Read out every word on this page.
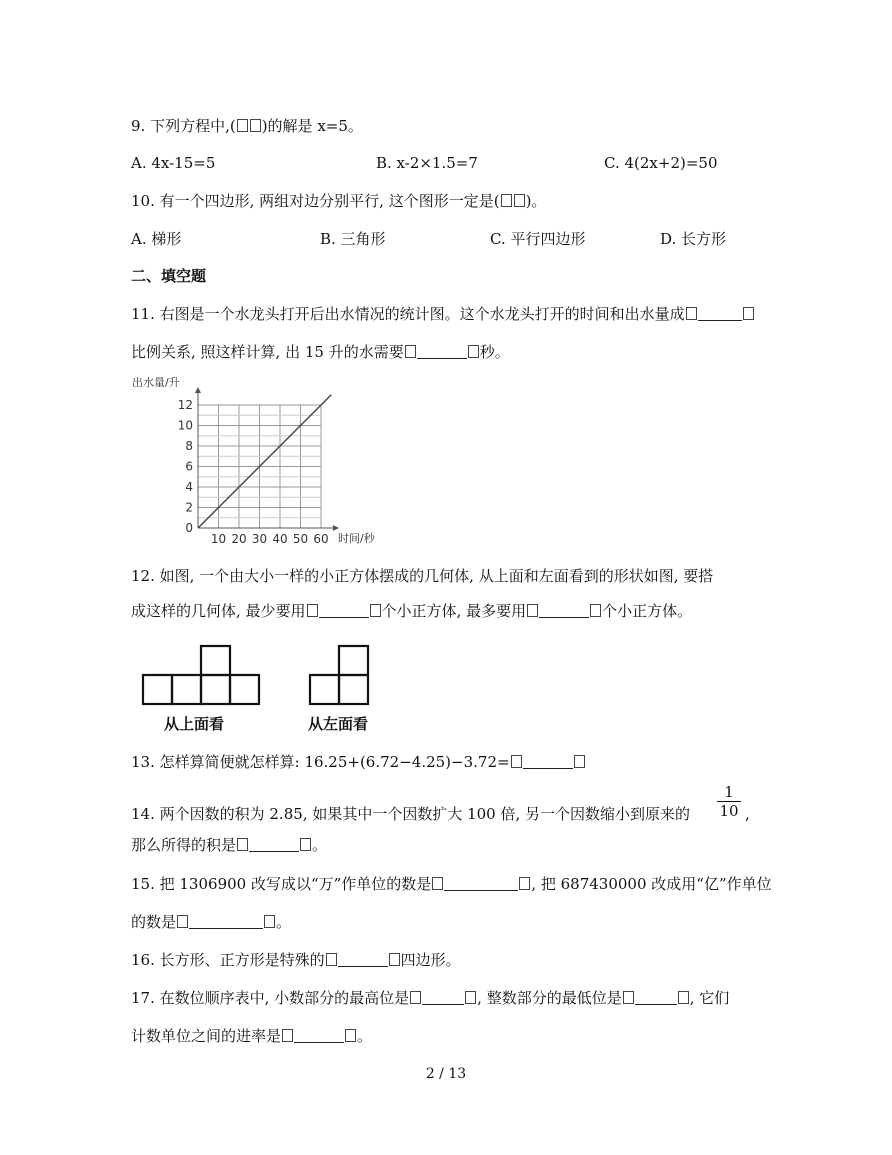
9. 下列方程中,( )的解是 x=5。
A. 4x-15=5	B. x-2×1.5=7	C. 4(2x+2)=50
10. 有一个四边形, 两组对边分别平行, 这个图形一定是( )。
A. 梯形	B. 三角形	C. 平行四边形	D. 长方形
二、填空题
11. 右图是一个水龙头打开后出水情况的统计图。这个水龙头打开的时间和出水量成
比例关系, 照这样计算, 出 15 升的水需要	秒。
出水量/升
0
2
4
6
8
10
12
10 20 30 40 50 60 时间/秒
12. 如图, 一个由大小一样的小正方体摆成的几何体, 从上面和左面看到的形状如图, 要搭
成这样的几何体, 最少要用	个小正方体, 最多要用	个小正方体。
从上面看	从左面看
13. 怎样算简便就怎样算: 16.25+(6.72−4.25)−3.72=
14. 两个因数的积为 2.85, 如果其中一个因数扩大 100 倍, 另一个因数缩小到原来的 $\frac{1}{10}$ ,
那么所得的积是	。
15. 把 1306900 改写成以“万”作单位的数是	, 把 687430000 改成用“亿”作单位
的数是	。
16. 长方形、正方形是特殊的	四边形。
17. 在数位顺序表中, 小数部分的最高位是	, 整数部分的最低位是	, 它们
计数单位之间的进率是	。
2 / 13
